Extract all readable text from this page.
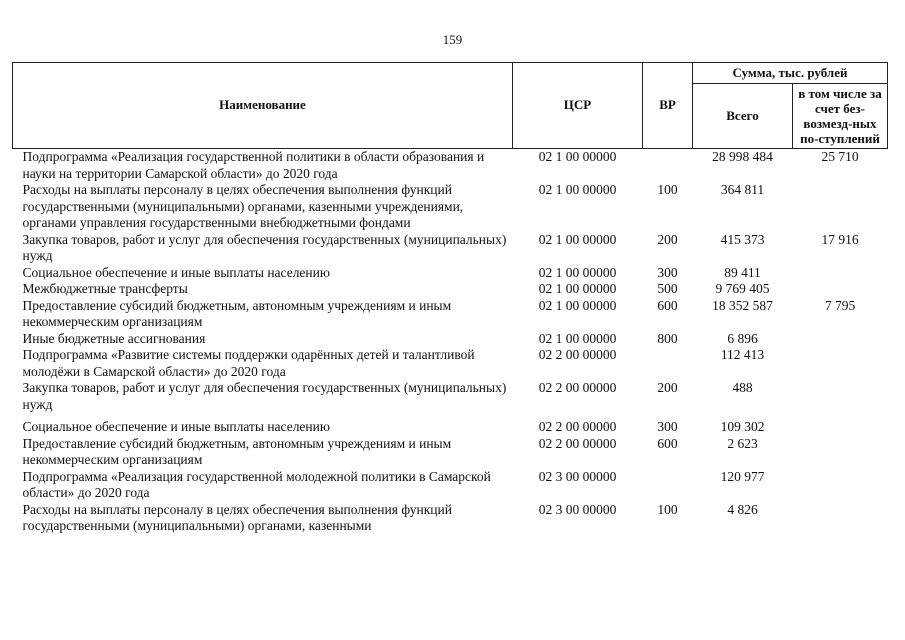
159
Наименование	ЦСР	ВР	Сумма, тыс. рублей	
			Всего	в том числе за счет без-возмезд-ных по-ступлений
Подпрограмма «Реализация государственной политики в области образования и науки на территории Самарской области» до 2020 года	02 1 00 00000		28 998 484	25 710
Расходы на выплаты персоналу в целях обеспечения выполнения функций государственными (муниципальными) органами, казенными учреждениями, органами управления государственными внебюджетными фондами	02 1 00 00000	100	364 811	
Закупка товаров, работ и услуг для обеспечения государственных (муниципальных) нужд	02 1 00 00000	200	415 373	17 916
Социальное обеспечение и иные выплаты населению	02 1 00 00000	300	89 411	
Межбюджетные трансферты	02 1 00 00000	500	9 769 405	
Предоставление субсидий бюджетным, автономным учреждениям и иным некоммерческим организациям	02 1 00 00000	600	18 352 587	7 795
Иные бюджетные ассигнования	02 1 00 00000	800	6 896	
Подпрограмма «Развитие системы поддержки одарённых детей и талантливой молодёжи в Самарской области» до 2020 года	02 2 00 00000		112 413	
Закупка товаров, работ и услуг для обеспечения государственных (муниципальных) нужд	02 2 00 00000	200	488	

Социальное обеспечение и иные выплаты населению	02 2 00 00000	300	109 302	
Предоставление субсидий бюджетным, автономным учреждениям и иным некоммерческим организациям	02 2 00 00000	600	2 623	
Подпрограмма «Реализация государственной молодежной политики в Самарской области» до 2020 года	02 3 00 00000		120 977	
Расходы на выплаты персоналу в целях обеспечения выполнения функций государственными (муниципальными) органами, казенными	02 3 00 00000	100	4 826	
